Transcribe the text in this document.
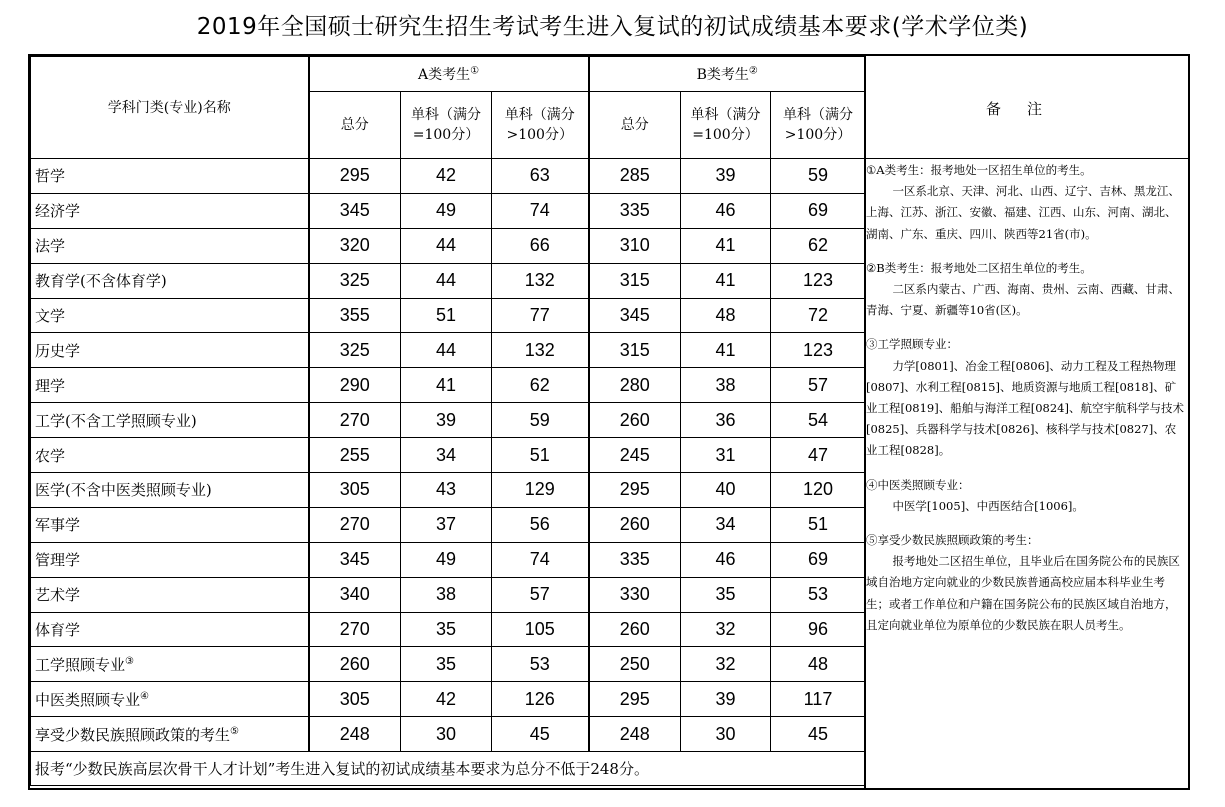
2019年全国硕士研究生招生考试考生进入复试的初试成绩基本要求(学术学位类)
学科门类(专业)名称	A类考生①			B类考生②
	总分	单科（满分=100分）	单科（满分>100分）	总分	单科（满分=100分）	单科（满分>100分）
哲学	295	42	63	285	39	59
经济学	345	49	74	335	46	69
法学	320	44	66	310	41	62
教育学(不含体育学)	325	44	132	315	41	123
文学	355	51	77	345	48	72
历史学	325	44	132	315	41	123
理学	290	41	62	280	38	57
工学(不含工学照顾专业)	270	39	59	260	36	54
农学	255	34	51	245	31	47
医学(不含中医类照顾专业)	305	43	129	295	40	120
军事学	270	37	56	260	34	51
管理学	345	49	74	335	46	69
艺术学	340	38	57	330	35	53
体育学	270	35	105	260	32	96
工学照顾专业③	260	35	53	250	32	48
中医类照顾专业④	305	42	126	295	39	117
享受少数民族照顾政策的考生⑤	248	30	45	248	30	45
报考“少数民族高层次骨干人才计划”考生进入复试的初试成绩基本要求为总分不低于248分。						
备注

①A类考生：报考地处一区招生单位的考生。

一区系北京、天津、河北、山西、辽宁、吉林、黑龙江、上海、江苏、浙江、安徽、福建、江西、山东、河南、湖北、湖南、广东、重庆、四川、陕西等21省(市)。

②B类考生：报考地处二区招生单位的考生。

二区系内蒙古、广西、海南、贵州、云南、西藏、甘肃、青海、宁夏、新疆等10省(区)。

③工学照顾专业：

力学[0801]、冶金工程[0806]、动力工程及工程热物理[0807]、水利工程[0815]、地质资源与地质工程[0818]、矿业工程[0819]、船舶与海洋工程[0824]、航空宇航科学与技术[0825]、兵器科学与技术[0826]、核科学与技术[0827]、农业工程[0828]。

④中医类照顾专业：

中医学[1005]、中西医结合[1006]。

⑤享受少数民族照顾政策的考生：

报考地处二区招生单位，且毕业后在国务院公布的民族区域自治地方定向就业的少数民族普通高校应届本科毕业生考生；或者工作单位和户籍在国务院公布的民族区域自治地方，且定向就业单位为原单位的少数民族在职人员考生。
